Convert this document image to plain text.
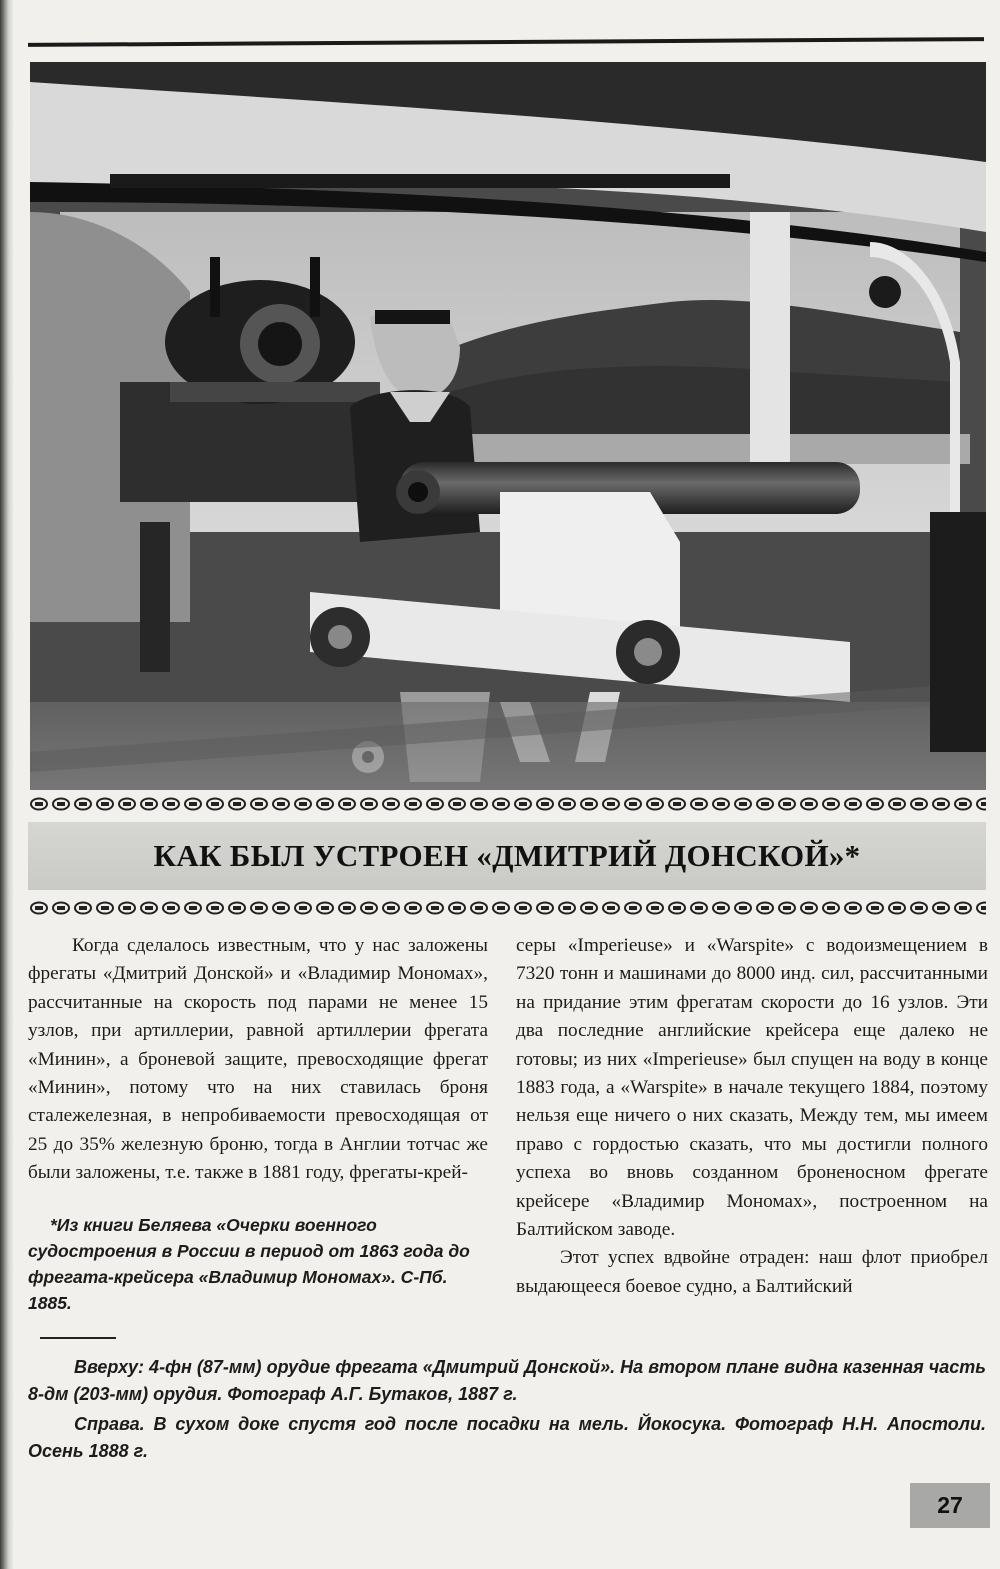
КАК БЫЛ УСТРОЕН «ДМИТРИЙ ДОНСКОЙ»*

Когда сделалось известным, что у нас заложены фрегаты «Дмитрий Донской» и «Владимир Мономах», рассчитанные на скорость под парами не менее 15 узлов, при артиллерии, равной артиллерии фрегата «Минин», а броневой защите, превосходящие фрегат «Минин», потому что на них ставилась броня сталежелезная, в непробиваемости превосходящая от 25 до 35% железную броню, тогда в Англии тотчас же были заложены, т.е. также в 1881 году, фрегаты-крей-

*Из книги Беляева «Очерки военного судостроения в России в период от 1863 года до фрегата-крейсера «Владимир Мономах». С-Пб. 1885.

серы «Imperieuse» и «Warspite» с водоизмещением в 7320 тонн и машинами до 8000 инд. сил, рассчитанными на придание этим фрегатам скорости до 16 узлов. Эти два последние английские крейсера еще далеко не готовы; из них «Imperieuse» был спущен на воду в конце 1883 года, а «Warspite» в начале текущего 1884, поэтому нельзя еще ничего о них сказать, Между тем, мы имеем право с гордостью сказать, что мы достигли полного успеха во вновь созданном броненосном фрегате крейсере «Владимир Мономах», построенном на Балтийском заводе.

Этот успех вдвойне отраден: наш флот приобрел выдающееся боевое судно, а Балтийский

Вверху: 4-фн (87-мм) орудие фрегата «Дмитрий Донской». На втором плане видна казенная часть 8-дм (203-мм) орудия. Фотограф А.Г. Бутаков, 1887 г.
Справа. В сухом доке спустя год после посадки на мель. Йокосука. Фотограф Н.Н. Апостоли. Осень 1888 г.
27
